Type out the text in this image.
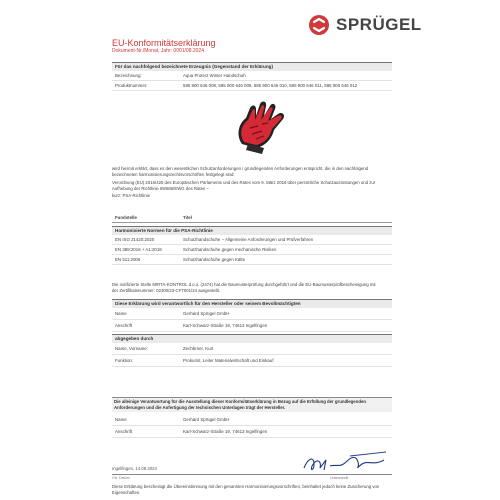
SPRÜGEL
EU-Konformitätserklärung
Dokument-Nr./Monat, Jahr: 0001/08.2024
Für das nachfolgend bezeichnete Erzeugnis (Gegenstand der Erklärung)
Bezeichnung:	Aqua Protect Winter Handschuh
Produktnummer:	585 900 646 008, 585 900 646 009, 585 900 646 010, 585 900 646 011, 585 900 646 012
wird hiermit erklärt, dass es den wesentlichen Schutzanforderungen / grundlegenden Anforderungen entspricht, die in den nachfolgend bezeichneten harmonisierungsrechtsvorschriften festgelegt sind:
Verordnung (EU) 2016/425 des Europäischen Parlaments und des Rates vom 9. März 2016 über persönliche Schutzausrüstungen und zur
Aufhebung der Richtlinie 89/686/EWG des Rates –
kurz: PSA-Richtlinie
Fundstelle	Titel
Harmonisierte Normen für die PSA-Richtlinie
EN ISO 21420:2020	Schutzhandschuhe – Allgemeine Anforderungen und Prüfverfahren
EN 388:2016 + A1:2018	Schutzhandschuhe gegen mechanische Risiken
EN 511:2006	Schutzhandschuhe gegen Kälte
Die notifizierte Stelle MIRTA-KONTROL d.o.o. (2474) hat die Baumusterprüfung durchgeführt und die EU-Baumusterprüfbescheinigung mit
der Zertifikatsnummer: 02300/23-CFT001/24 ausgestellt.
Diese Erklärung wird verantwortlich für den Hersteller oder seinem Bevollmächtigten
Name	Gerhard Sprügel GmbH
Anschrift	Karl-Schwarz-Straße 19, 74613 Ingelfingen
abgegeben durch
Name, Vorname:	Zechbrner, Kurt
Funktion:	Prokurist, Leiter Materialwirtschaft und Einkauf
Die alleinige Verantwortung für die Ausstellung dieser Konformitätserklärung in Bezug auf die Erfüllung der grundlegenden Anforderungen und die Anfertigung der technischen Unterlagen trägt der Hersteller.
Name	Gerhard Sprügel GmbH
Anschrift	Karl-Schwarz-Straße 19, 74613 Ingelfingen
Ingelfingen, 14.08.2024
Ort, Datum	Unterschrift
Diese Erklärung bescheinigt die Übereinstimmung mit den genannten Harmonisierungsvorschriften, beinhaltet jedoch keine Zusicherung von Eigenschaften.
